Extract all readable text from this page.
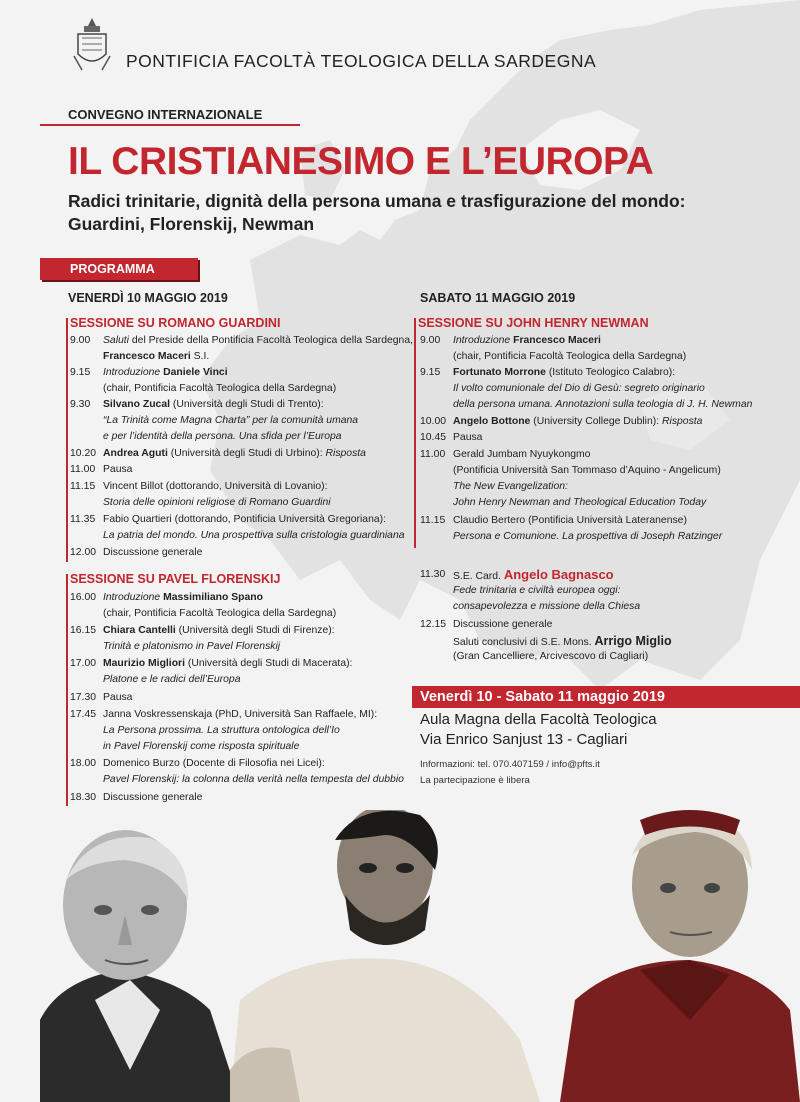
PONTIFICIA FACOLTÀ TEOLOGICA DELLA SARDEGNA
CONVEGNO INTERNAZIONALE
IL CRISTIANESIMO E L’EUROPA
Radici trinitarie, dignità della persona umana e trasfigurazione del mondo:
Guardini, Florenskij, Newman
PROGRAMMA
VENERDÌ 10 MAGGIO 2019
SESSIONE SU ROMANO GUARDINI
9.00 Saluti del Preside della Pontificia Facoltà Teologica della Sardegna,
Francesco Maceri S.I.
9.15 Introduzione Daniele Vinci
(chair, Pontificia Facoltà Teologica della Sardegna)
9.30 Silvano Zucal (Università degli Studi di Trento):
“La Trinità come Magna Charta” per la comunità umana
e per l’identità della persona. Una sfida per l’Europa
10.20 Andrea Aguti (Università degli Studi di Urbino): Risposta
11.00 Pausa
11.15 Vincent Billot (dottorando, Università di Lovanio):
Storia delle opinioni religiose di Romano Guardini
11.35 Fabio Quartieri (dottorando, Pontificia Università Gregoriana):
La patria del mondo. Una prospettiva sulla cristologia guardiniana
12.00 Discussione generale
SESSIONE SU PAVEL FLORENSKIJ
16.00 Introduzione Massimiliano Spano
(chair, Pontificia Facoltà Teologica della Sardegna)
16.15 Chiara Cantelli (Università degli Studi di Firenze):
Trinità e platonismo in Pavel Florenskij
17.00 Maurizio Migliori (Università degli Studi di Macerata):
Platone e le radici dell’Europa
17.30 Pausa
17.45 Janna Voskressenskaja (PhD, Università San Raffaele, MI):
La Persona prossima. La struttura ontologica dell’Io
in Pavel Florenskij come risposta spirituale
18.00 Domenico Burzo (Docente di Filosofia nei Licei):
Pavel Florenskij: la colonna della verità nella tempesta del dubbio
18.30 Discussione generale
SABATO 11 MAGGIO 2019
SESSIONE SU JOHN HENRY NEWMAN
9.00 Introduzione Francesco Maceri
(chair, Pontificia Facoltà Teologica della Sardegna)
9.15 Fortunato Morrone (Istituto Teologico Calabro):
Il volto comunionale del Dio di Gesù: segreto originario
della persona umana. Annotazioni sulla teologia di J. H. Newman
10.00 Angelo Bottone (University College Dublin): Risposta
10.45 Pausa
11.00 Gerald Jumbam Nyuykongmo
(Pontificia Università San Tommaso d’Aquino - Angelicum)
The New Evangelization:
John Henry Newman and Theological Education Today
11.15 Claudio Bertero (Pontificia Università Lateranense)
Persona e Comunione. La prospettiva di Joseph Ratzinger
11.30 S.E. Card. Angelo Bagnasco
Fede trinitaria e civiltà europea oggi:
consapevolezza e missione della Chiesa
12.15 Discussione generale
Saluti conclusivi di S.E. Mons. Arrigo Miglio
(Gran Cancelliere, Arcivescovo di Cagliari)
Venerdì 10 - Sabato 11 maggio 2019
Aula Magna della Facoltà Teologica
Via Enrico Sanjust 13 - Cagliari
Informazioni: tel. 070.407159 / info@pfts.it
La partecipazione è libera
